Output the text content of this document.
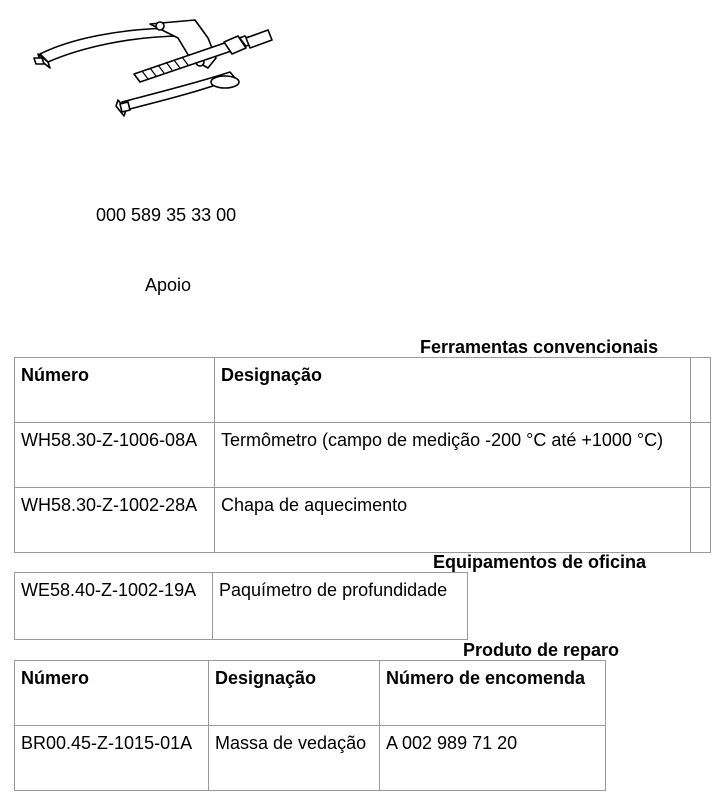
000 589 35 33 00
Apoio
Ferramentas convencionais
Número	Designação	
WH58.30-Z-1006-08A	Termômetro (campo de medição -200 °C até +1000 °C)	
WH58.30-Z-1002-28A	Chapa de aquecimento	
Equipamentos de oficina
WE58.40-Z-1002-19A	Paquímetro de profundidade
Produto de reparo
Número	Designação	Número de encomenda
BR00.45-Z-1015-01A	Massa de vedação	A 002 989 71 20
